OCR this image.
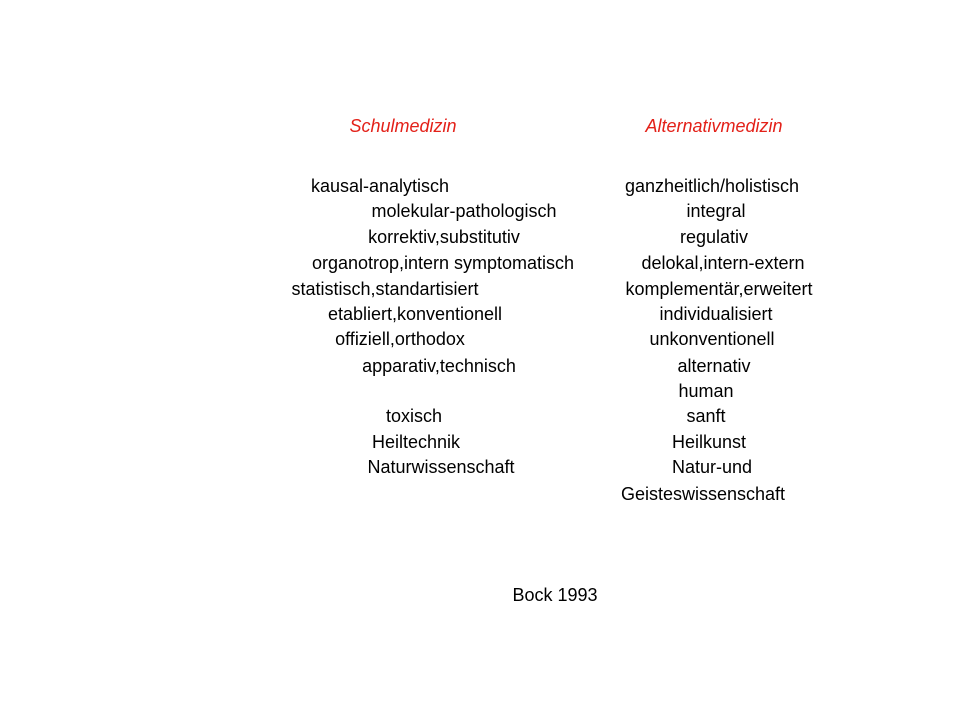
Schulmedizin	Alternativmedizin
kausal-analytisch
molekular-pathologisch
korrektiv,substitutiv
organotrop,intern symptomatisch
statistisch,standartisiert
etabliert,konventionell
offiziell,orthodox
apparativ,technisch
toxisch
Heiltechnik
Naturwissenschaft
ganzheitlich/holistisch
integral
regulativ
delokal,intern-extern
komplementär,erweitert
individualisiert
unkonventionell
alternativ
human
sanft
Heilkunst
Natur-und
Geisteswissenschaft
Bock 1993
